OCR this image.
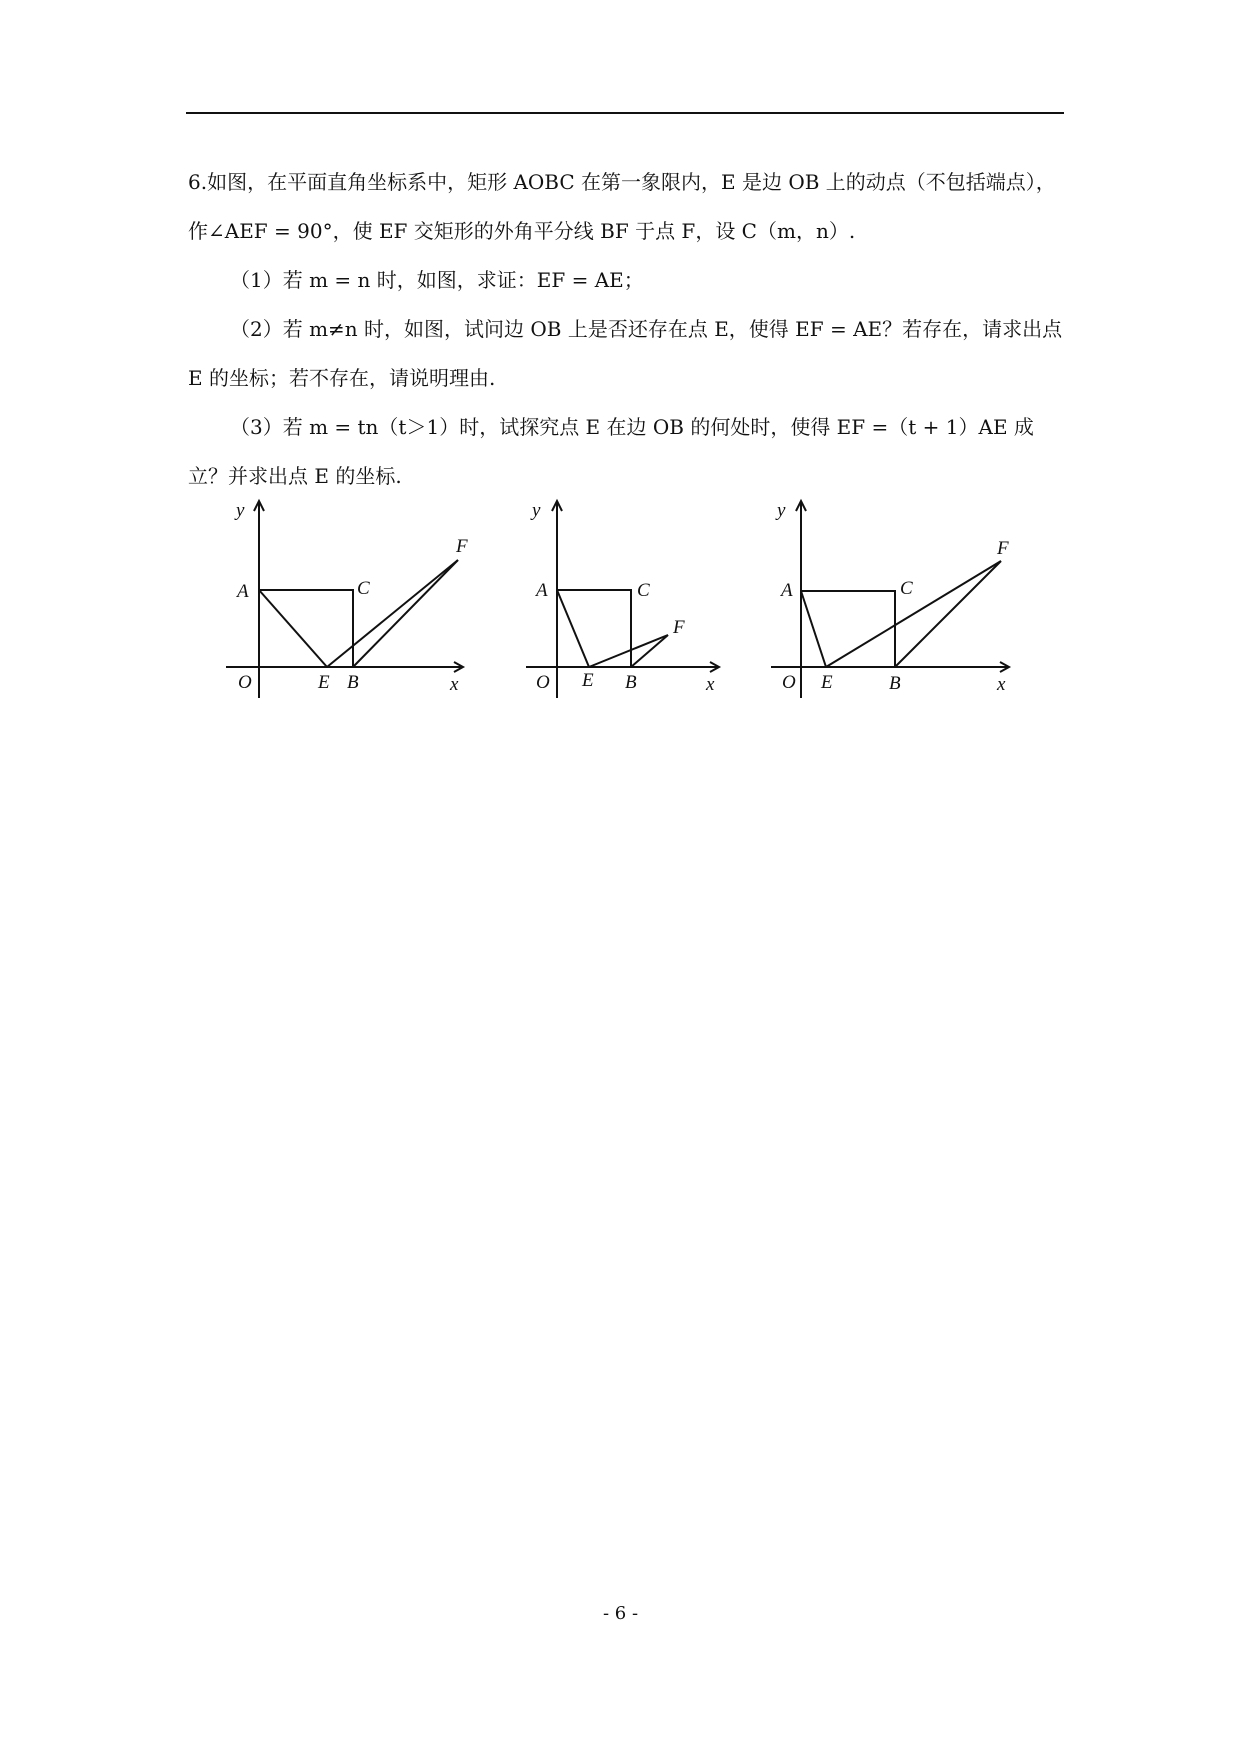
6.如图，在平面直角坐标系中，矩形 AOBC 在第一象限内，E 是边 OB 上的动点（不包括端点），作∠AEF = 90°，使 EF 交矩形的外角平分线 BF 于点 F，设 C（m，n）.

（1）若 m = n 时，如图，求证：EF = AE；

（2）若 m≠n 时，如图，试问边 OB 上是否还存在点 E，使得 EF = AE？若存在，请求出点 E 的坐标；若不存在，请说明理由.

（3）若 m = tn（t＞1）时，试探究点 E 在边 OB 的何处时，使得 EF =（t + 1）AE 成立？并求出点 E 的坐标.

y
x
O
A	C
E B
F
y
x
O
A	C
E B
F
y
x
O
A	C
E	B
F
- 6 -
